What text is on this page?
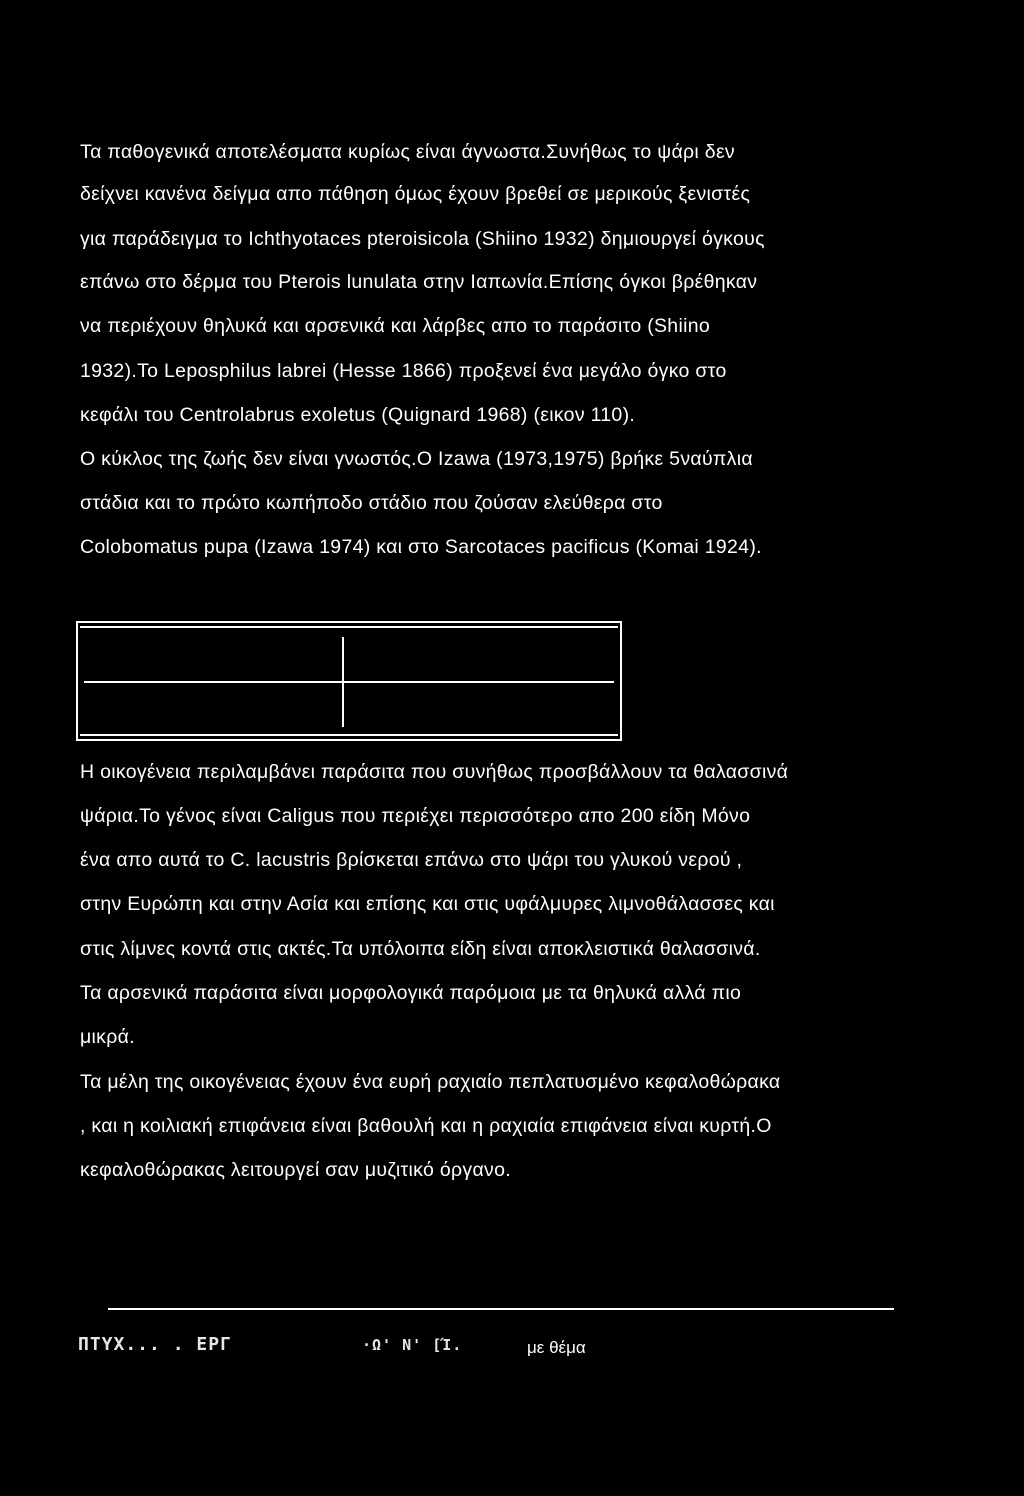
Τα παθογενικά αποτελέσματα κυρίως είναι άγνωστα.Συνήθως το ψάρι δεν
δείχνει κανένα δείγμα απο πάθηση όμως έχουν βρεθεί σε μερικούς ξενιστές
για παράδειγμα το Ichthyotaces pteroisicola (Shiino 1932) δημιουργεί όγκους
επάνω στο δέρμα του Pterois lunulata στην Ιαπωνία.Επίσης όγκοι βρέθηκαν
να περιέχουν θηλυκά και αρσενικά και λάρβες απο το παράσιτο (Shiino
1932).Το Leposphilus labrei (Hesse 1866) προξενεί ένα μεγάλο όγκο στο
κεφάλι του Centrolabrus exoletus (Quignard 1968) (εικον 110).
Ο κύκλος της ζωής δεν είναι γνωστός.Ο Izawa (1973,1975) βρήκε 5ναύπλια
στάδια και το πρώτο κωπήποδο στάδιο που ζούσαν ελεύθερα στο
Colobomatus pupa (Izawa 1974) και στο Sarcotaces pacificus (Komai 1924).
Η οικογένεια περιλαμβάνει παράσιτα που συνήθως προσβάλλουν τα θαλασσινά
ψάρια.Το γένος είναι Caligus που περιέχει περισσότερο απο 200 είδη Μόνο
ένα απο αυτά το C. lacustris βρίσκεται επάνω στο ψάρι του γλυκού νερού ,
στην Ευρώπη και στην Ασία και επίσης και στις υφάλμυρες λιμνοθάλασσες και
στις λίμνες κοντά στις ακτές.Τα υπόλοιπα είδη είναι αποκλειστικά θαλασσινά.
Τα αρσενικά παράσιτα είναι μορφολογικά παρόμοια με τα θηλυκά αλλά πιο
μικρά.
Τα μέλη της οικογένειας έχουν ένα ευρή ραχιαίο πεπλατυσμένο κεφαλοθώρακα
, και η κοιλιακή επιφάνεια είναι βαθουλή και η ραχιαία επιφάνεια είναι κυρτή.Ο
κεφαλοθώρακας λειτουργεί σαν μυζιτικό όργανο.
ΠΤΥΧ... . ΕΡΓ	·Ω' Ν' [Ί.	με θέμα
